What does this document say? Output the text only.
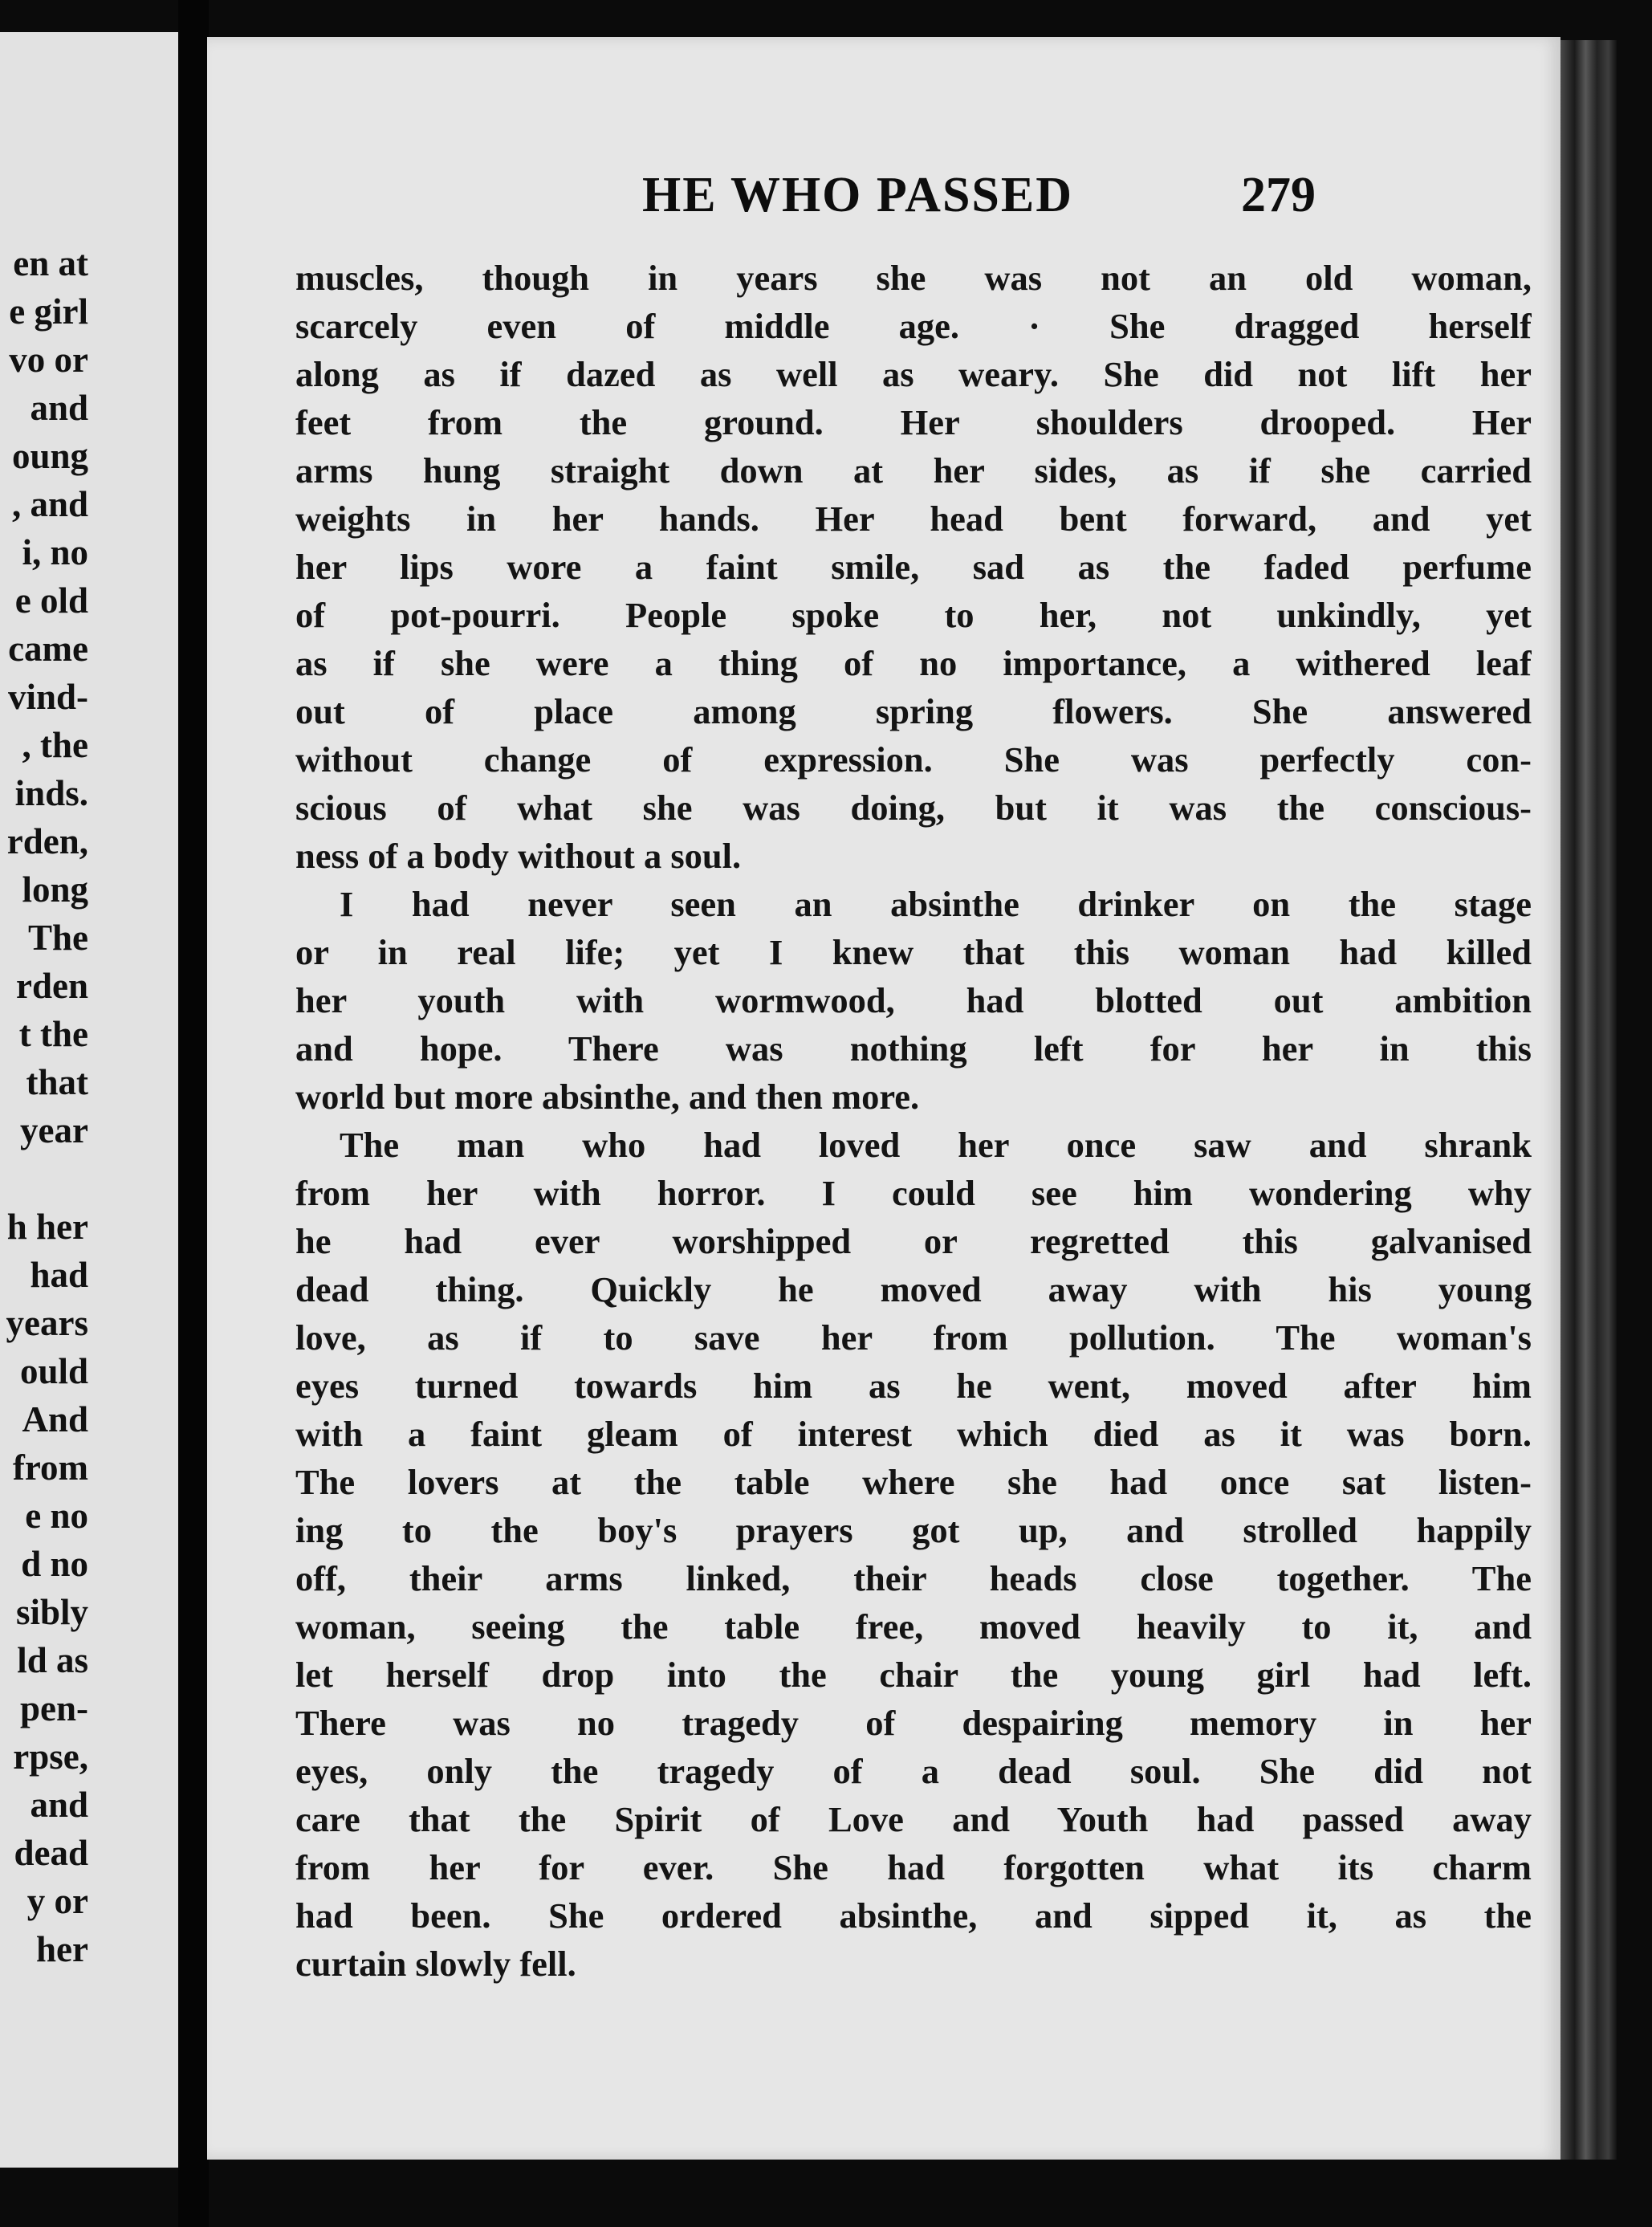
en at
e girl
vo or
and
oung
, and
i, no
e old
came
vind-
, the
inds.
rden,
long
The
rden
t the
that
year
h her
had
years
ould
And
from
e no
d no
sibly
ld as
pen-
rpse,
and
dead
y or
her
HE WHO PASSED	279
muscles, though in years she was not an old woman,
scarcely even of middle age. · She dragged herself
along as if dazed as well as weary. She did not lift her
feet from the ground. Her shoulders drooped. Her
arms hung straight down at her sides, as if she carried
weights in her hands. Her head bent forward, and yet
her lips wore a faint smile, sad as the faded perfume
of pot-pourri. People spoke to her, not unkindly, yet
as if she were a thing of no importance, a withered leaf
out of place among spring flowers. She answered
without change of expression. She was perfectly con-
scious of what she was doing, but it was the conscious-
ness of a body without a soul.
I had never seen an absinthe drinker on the stage
or in real life; yet I knew that this woman had killed
her youth with wormwood, had blotted out ambition
and hope. There was nothing left for her in this
world but more absinthe, and then more.
The man who had loved her once saw and shrank
from her with horror. I could see him wondering why
he had ever worshipped or regretted this galvanised
dead thing. Quickly he moved away with his young
love, as if to save her from pollution. The woman's
eyes turned towards him as he went, moved after him
with a faint gleam of interest which died as it was born.
The lovers at the table where she had once sat listen-
ing to the boy's prayers got up, and strolled happily
off, their arms linked, their heads close together. The
woman, seeing the table free, moved heavily to it, and
let herself drop into the chair the young girl had left.
There was no tragedy of despairing memory in her
eyes, only the tragedy of a dead soul. She did not
care that the Spirit of Love and Youth had passed away
from her for ever. She had forgotten what its charm
had been. She ordered absinthe, and sipped it, as the
curtain slowly fell.
